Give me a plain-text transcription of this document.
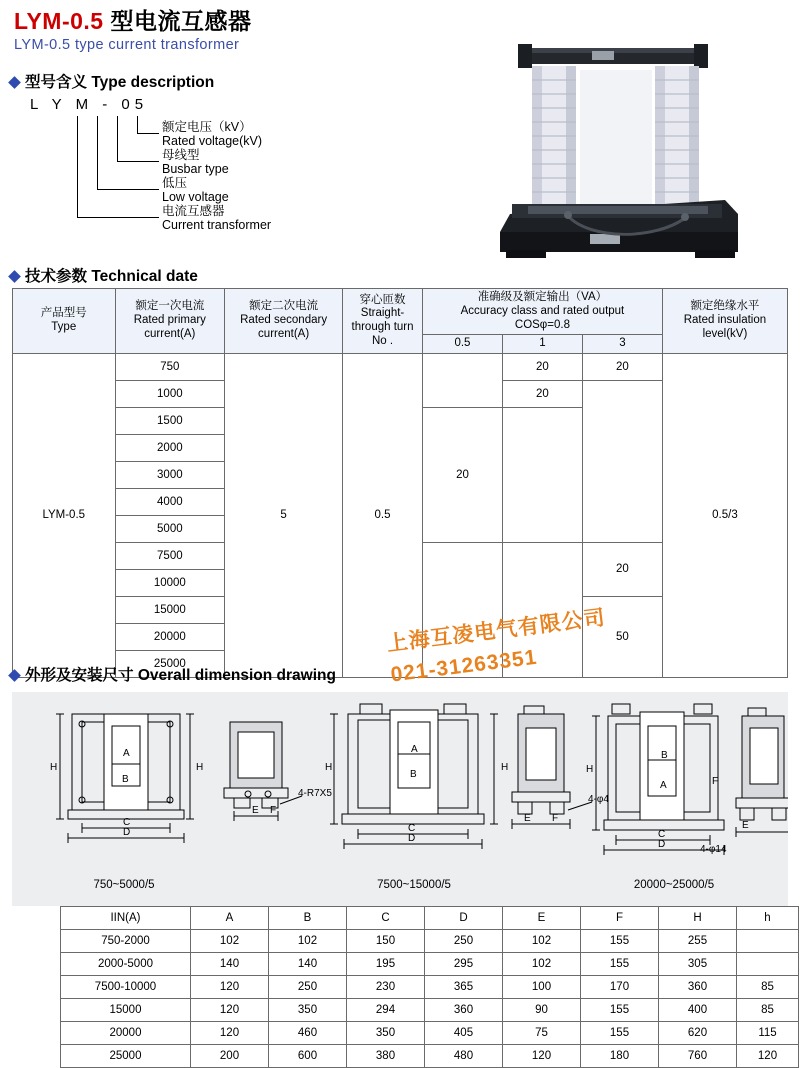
LYM-0.5 型电流互感器
LYM-0.5 type current transformer
型号含义 Type description
L Y M - 05
额定电压（kV）
Rated voltage(kV)
母线型
Busbar type
低压
Low voltage
电流互感器
Current transformer
技术参数 Technical date
产品型号
Type

额定一次电流
Rated primary current(A)

额定二次电流
Rated secondary current(A)

穿心匝数
Straight-through turn No .

准确级及额定输出（VA）
Accuracy class and rated output
COSφ=0.8

额定绝缘水平
Rated insulation level(kV)

				0.5	1	3	
LYM-0.5	750	5	0.5		20	20	0.5/3
	1000				20		
	1500			20			
	2000						
	3000						
	4000						
	5000						
	7500					20	
	10000						
	15000					50	
	20000						
	25000						
上海互凌电气有限公司
021-31263351
外形及安装尺寸 Overall dimension drawing
A
B
C
D
H	H
E F
4-R7X5
A
B
C
D
H	H
E F
4-φ4
B
A
C
D
H
F
E
4-φ14
750~5000/5	7500~15000/5	20000~25000/5
IIN(A)	A	B	C	D	E	F	H	h
750-2000	102	102	150	250	102	155	255	
2000-5000	140	140	195	295	102	155	305	
7500-10000	120	250	230	365	100	170	360	85
15000	120	350	294	360	90	155	400	85
20000	120	460	350	405	75	155	620	115
25000	200	600	380	480	120	180	760	120
